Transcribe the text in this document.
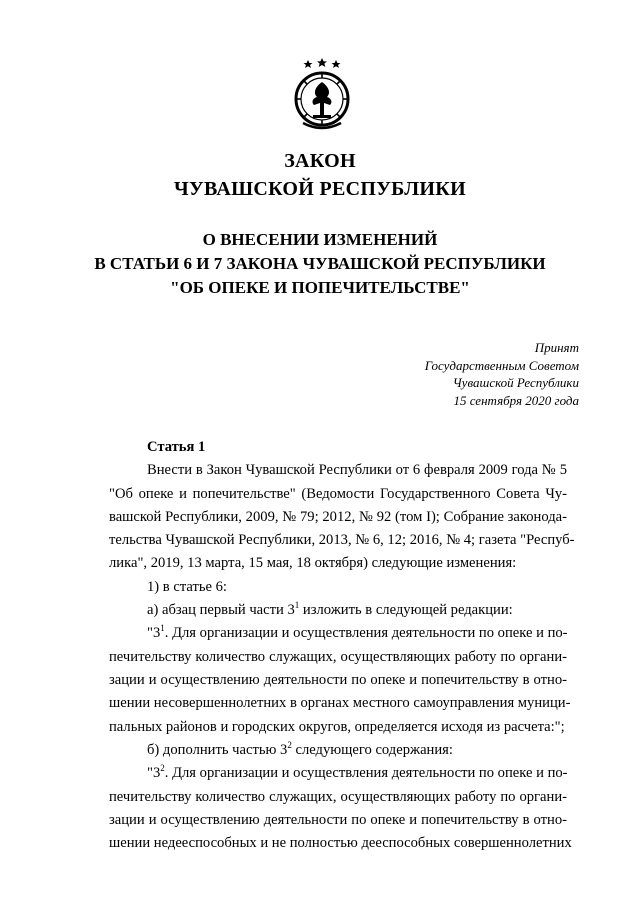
ЗАКОН
ЧУВАШСКОЙ РЕСПУБЛИКИ
О ВНЕСЕНИИ ИЗМЕНЕНИЙ
В СТАТЬИ 6 И 7 ЗАКОНА ЧУВАШСКОЙ РЕСПУБЛИКИ
"ОБ ОПЕКЕ И ПОПЕЧИТЕЛЬСТВЕ"
Принят
Государственным Советом
Чувашской Республики
15 сентября 2020 года
Статья 1
Внести в Закон Чувашской Республики от 6 февраля 2009 года № 5
"Об опеке и попечительстве" (Ведомости Государственного Совета Чу-
вашской Республики, 2009, № 79; 2012, № 92 (том I); Собрание законода-
тельства Чувашской Республики, 2013, № 6, 12; 2016, № 4; газета "Респуб-
лика", 2019, 13 марта, 15 мая, 18 октября) следующие изменения:
1) в статье 6:
а) абзац первый части $3^1$ изложить в следующей редакции:
"$3^1$. Для организации и осуществления деятельности по опеке и по-
печительству количество служащих, осуществляющих работу по органи-
зации и осуществлению деятельности по опеке и попечительству в отно-
шении несовершеннолетних в органах местного самоуправления муници-
пальных районов и городских округов, определяется исходя из расчета:";
б) дополнить частью $3^2$ следующего содержания:
"$3^2$. Для организации и осуществления деятельности по опеке и по-
печительству количество служащих, осуществляющих работу по органи-
зации и осуществлению деятельности по опеке и попечительству в отно-
шении недееспособных и не полностью дееспособных совершеннолетних
